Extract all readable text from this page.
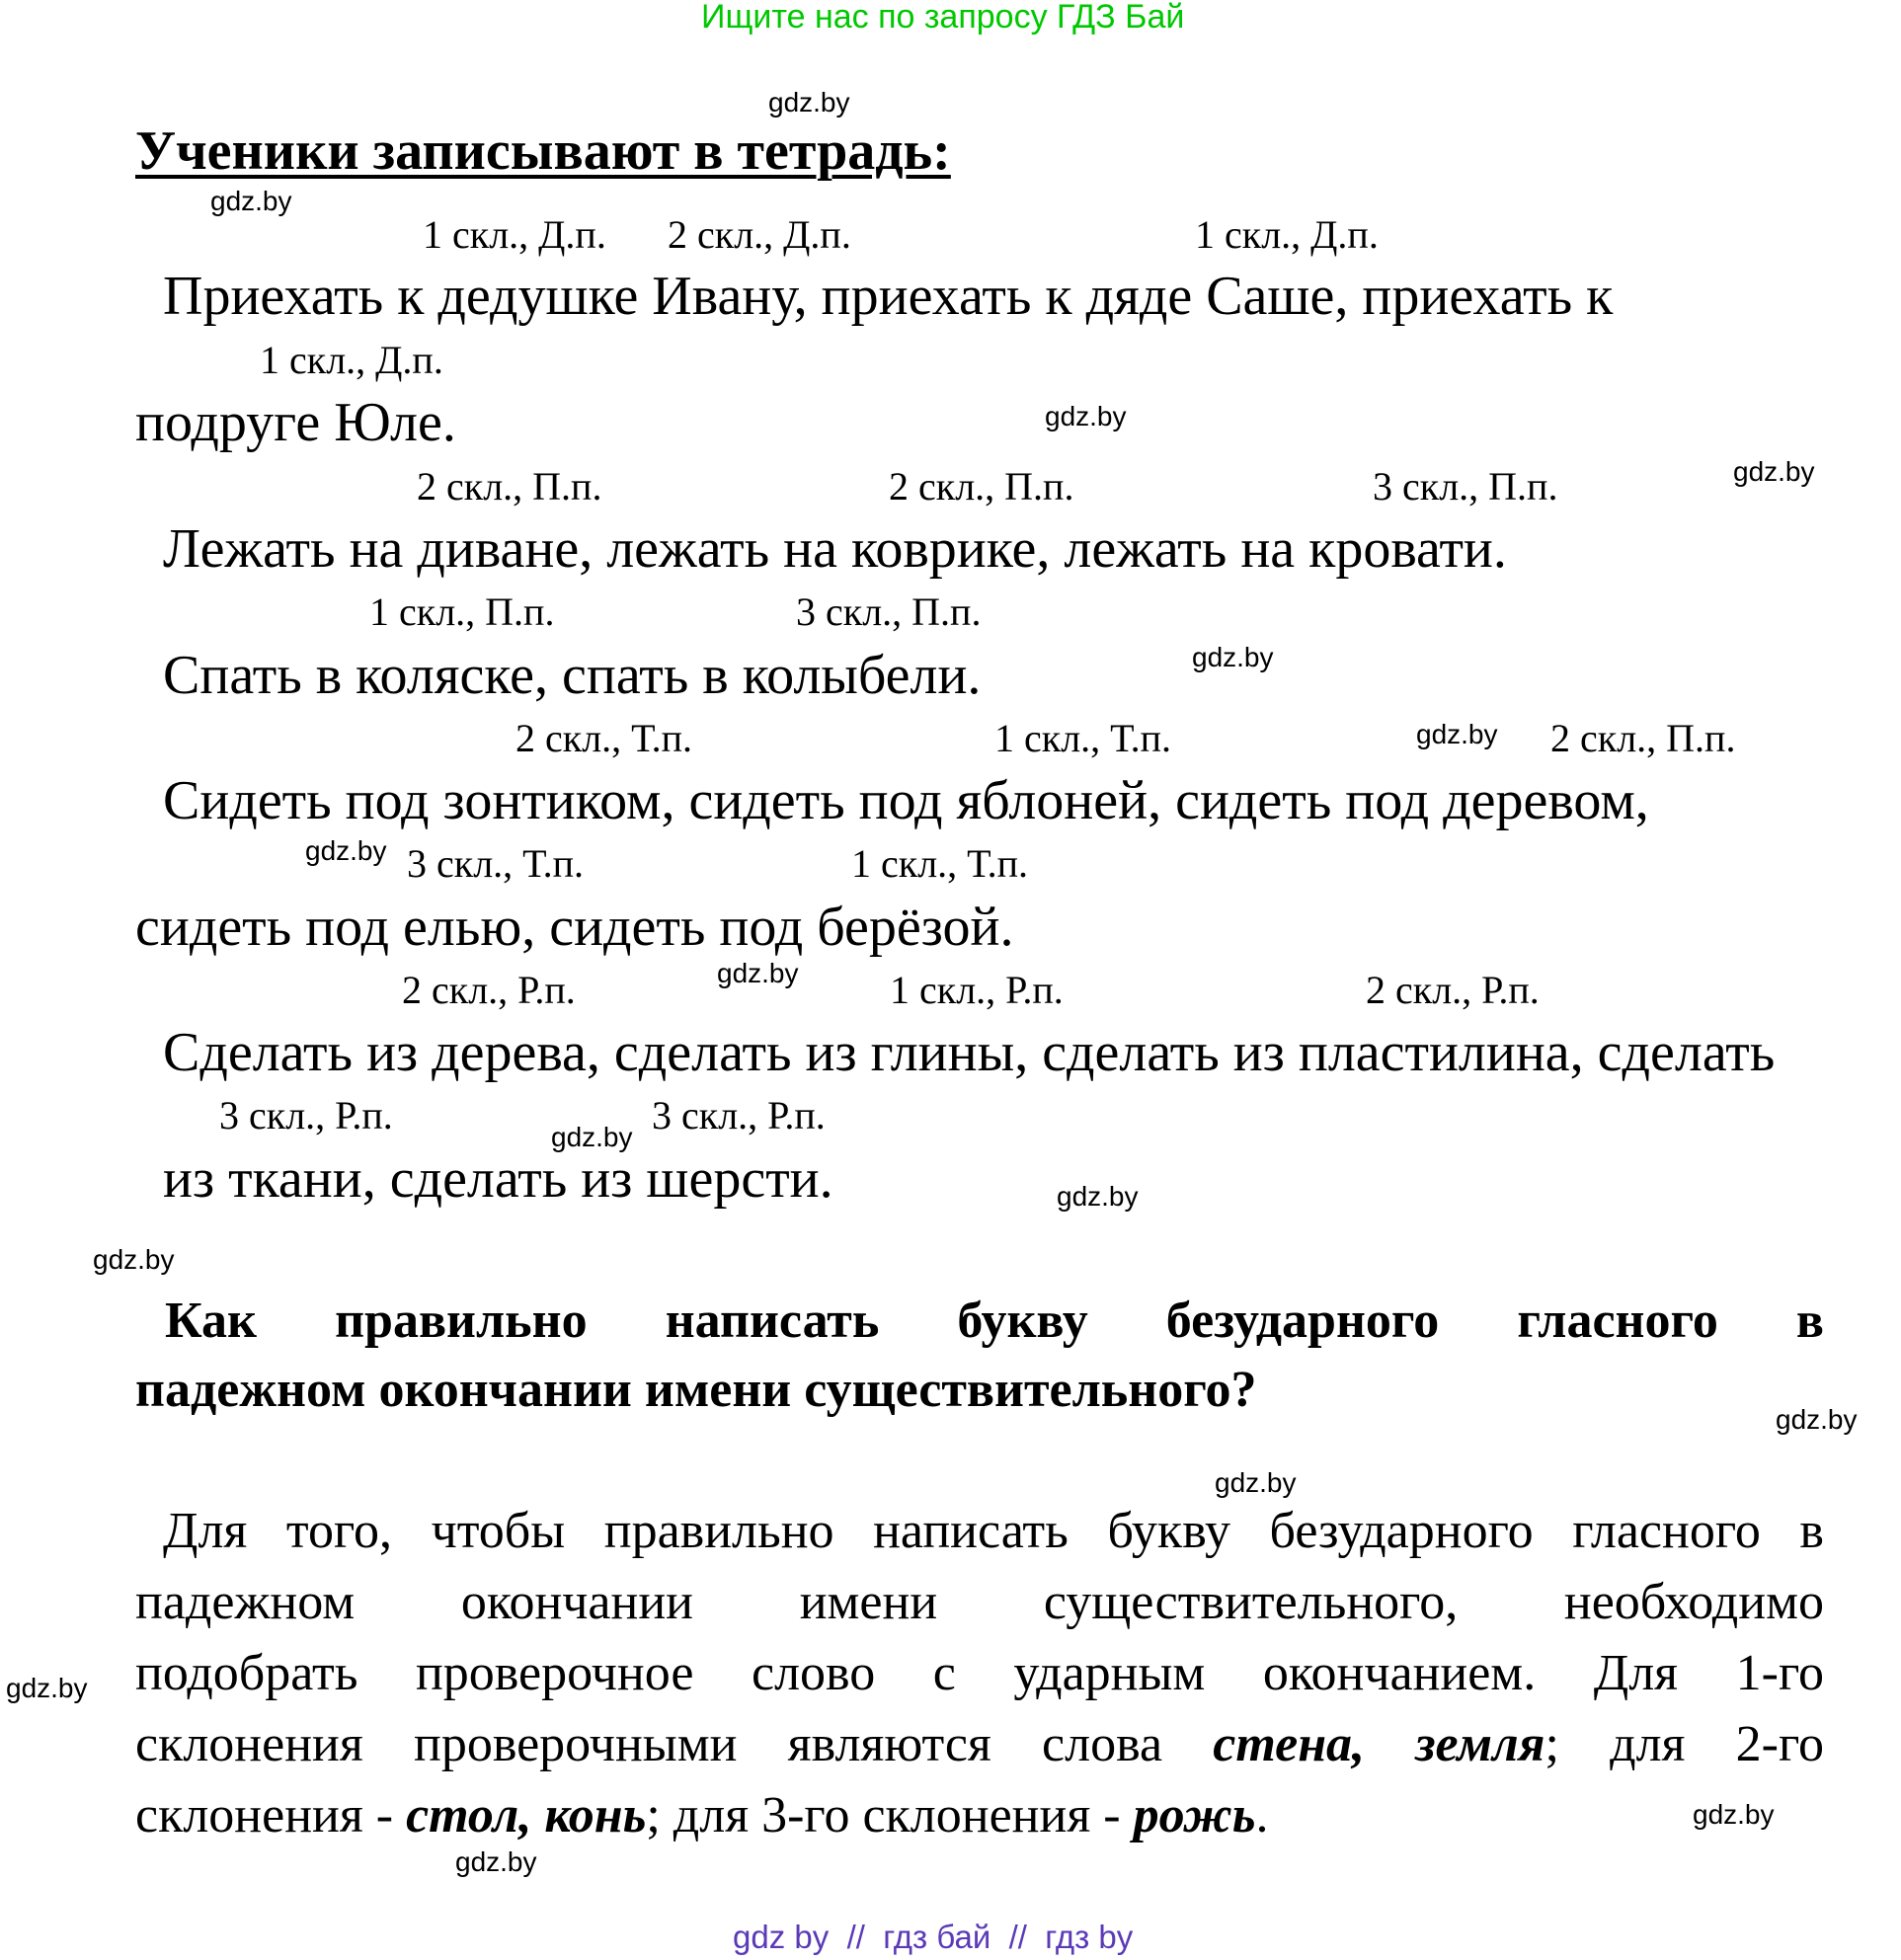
Ищите нас по запросу ГДЗ Бай
Ученики записывают в тетрадь:
1 скл., Д.п. 2 скл., Д.п.	1 скл., Д.п.
Приехать к дедушке Ивану, приехать к дяде Саше, приехать к
1 скл., Д.п.
подруге Юле.
2 скл., П.п.	2 скл., П.п.	3 скл., П.п.
Лежать на диване, лежать на коврике, лежать на кровати.
1 скл., П.п.	3 скл., П.п.
Спать в коляске, спать в колыбели.
2 скл., Т.п.	1 скл., Т.п.	2 скл., П.п.
Сидеть под зонтиком, сидеть под яблоней, сидеть под деревом,
3 скл., Т.п.	1 скл., Т.п.
сидеть под елью, сидеть под берёзой.
2 скл., Р.п.	1 скл., Р.п.	2 скл., Р.п.
Сделать из дерева, сделать из глины, сделать из пластилина, сделать
3 скл., Р.п.	3 скл., Р.п.
из ткани, сделать из шерсти.
Как правильно написать букву безударного гласного в
падежном окончании имени существительного?
Для того, чтобы правильно написать букву безударного гласного в
падежном окончании имени существительного, необходимо
подобрать проверочное слово с ударным окончанием. Для 1-го
склонения проверочными являются слова стена, земля; для 2-го
склонения - стол, конь; для 3-го склонения - рожь.
gdz.by
gdz.by
gdz.by
gdz.by
gdz.by
gdz.by
gdz.by
gdz.by
gdz.by
gdz.by
gdz.by
gdz.by
gdz.by
gdz.by
gdz.by
gdz.by
gdz by  //  гдз бай  //  гдз by
